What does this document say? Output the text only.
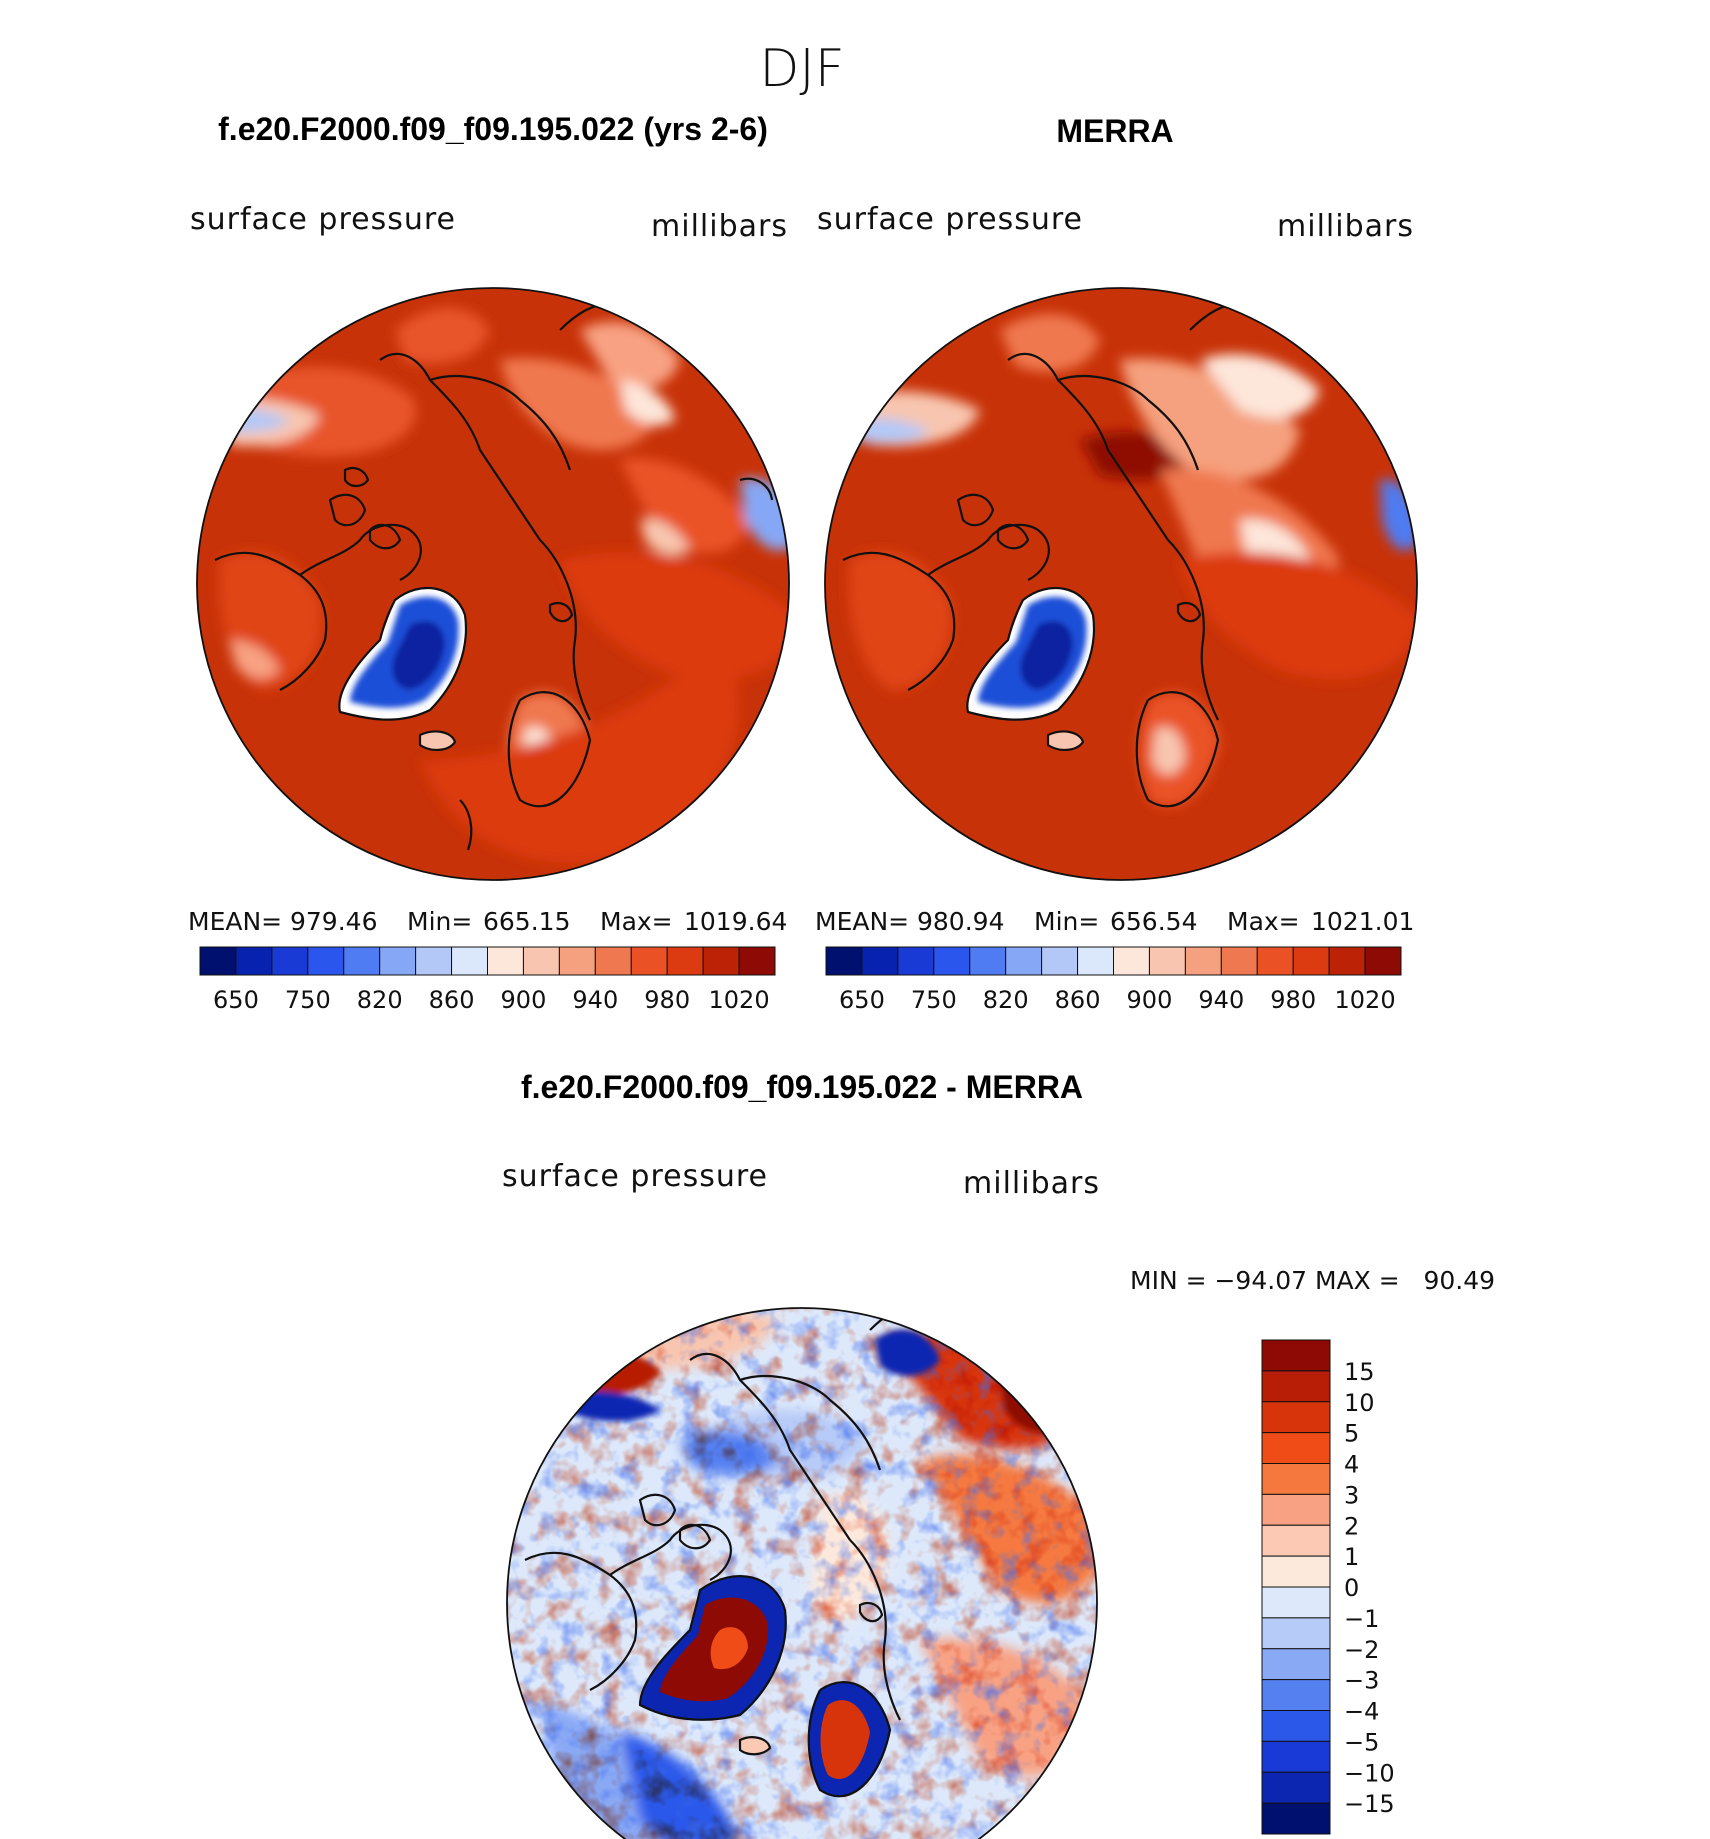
DJF
f.e20.F2000.f09_f09.195.022 (yrs 2-6)
surface pressure	millibars
MEAN= 979.46 Min= 665.15 Max= 1019.64
650 750 820 860 900 940 980 1020
MERRA
surface pressure	millibars
MEAN= 980.94 Min= 656.54 Max= 1021.01
650 750 820 860 900 940 980 1020
f.e20.F2000.f09_f09.195.022 - MERRA
surface pressure	millibars
MIN = −94.07 MAX =   90.49
15
10
5
4
3
2
1
0
−1
−2
−3
−4
−5
−10
−15
